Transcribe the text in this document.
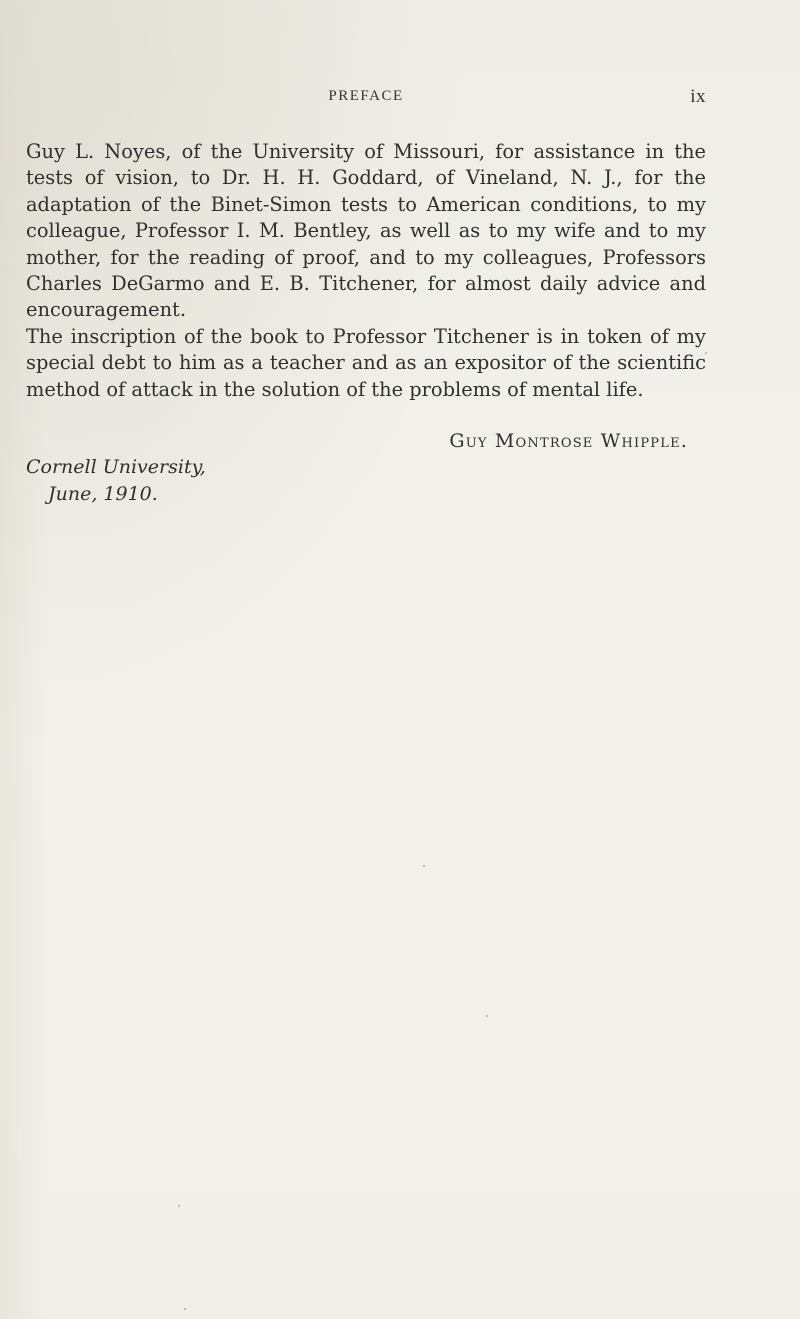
PREFACE	ix

Guy L. Noyes, of the University of Missouri, for assistance in the tests of vision, to Dr. H. H. Goddard, of Vineland, N. J., for the adaptation of the Binet-Simon tests to American conditions, to my colleague, Professor I. M. Bentley, as well as to my wife and to my mother, for the reading of proof, and to my colleagues, Professors Charles DeGarmo and E. B. Titchener, for almost daily advice and encouragement.

The inscription of the book to Professor Titchener is in token of my special debt to him as a teacher and as an expositor of the scientific method of attack in the solution of the problems of mental life.

Guy Montrose Whipple.
Cornell University,
June, 1910.
